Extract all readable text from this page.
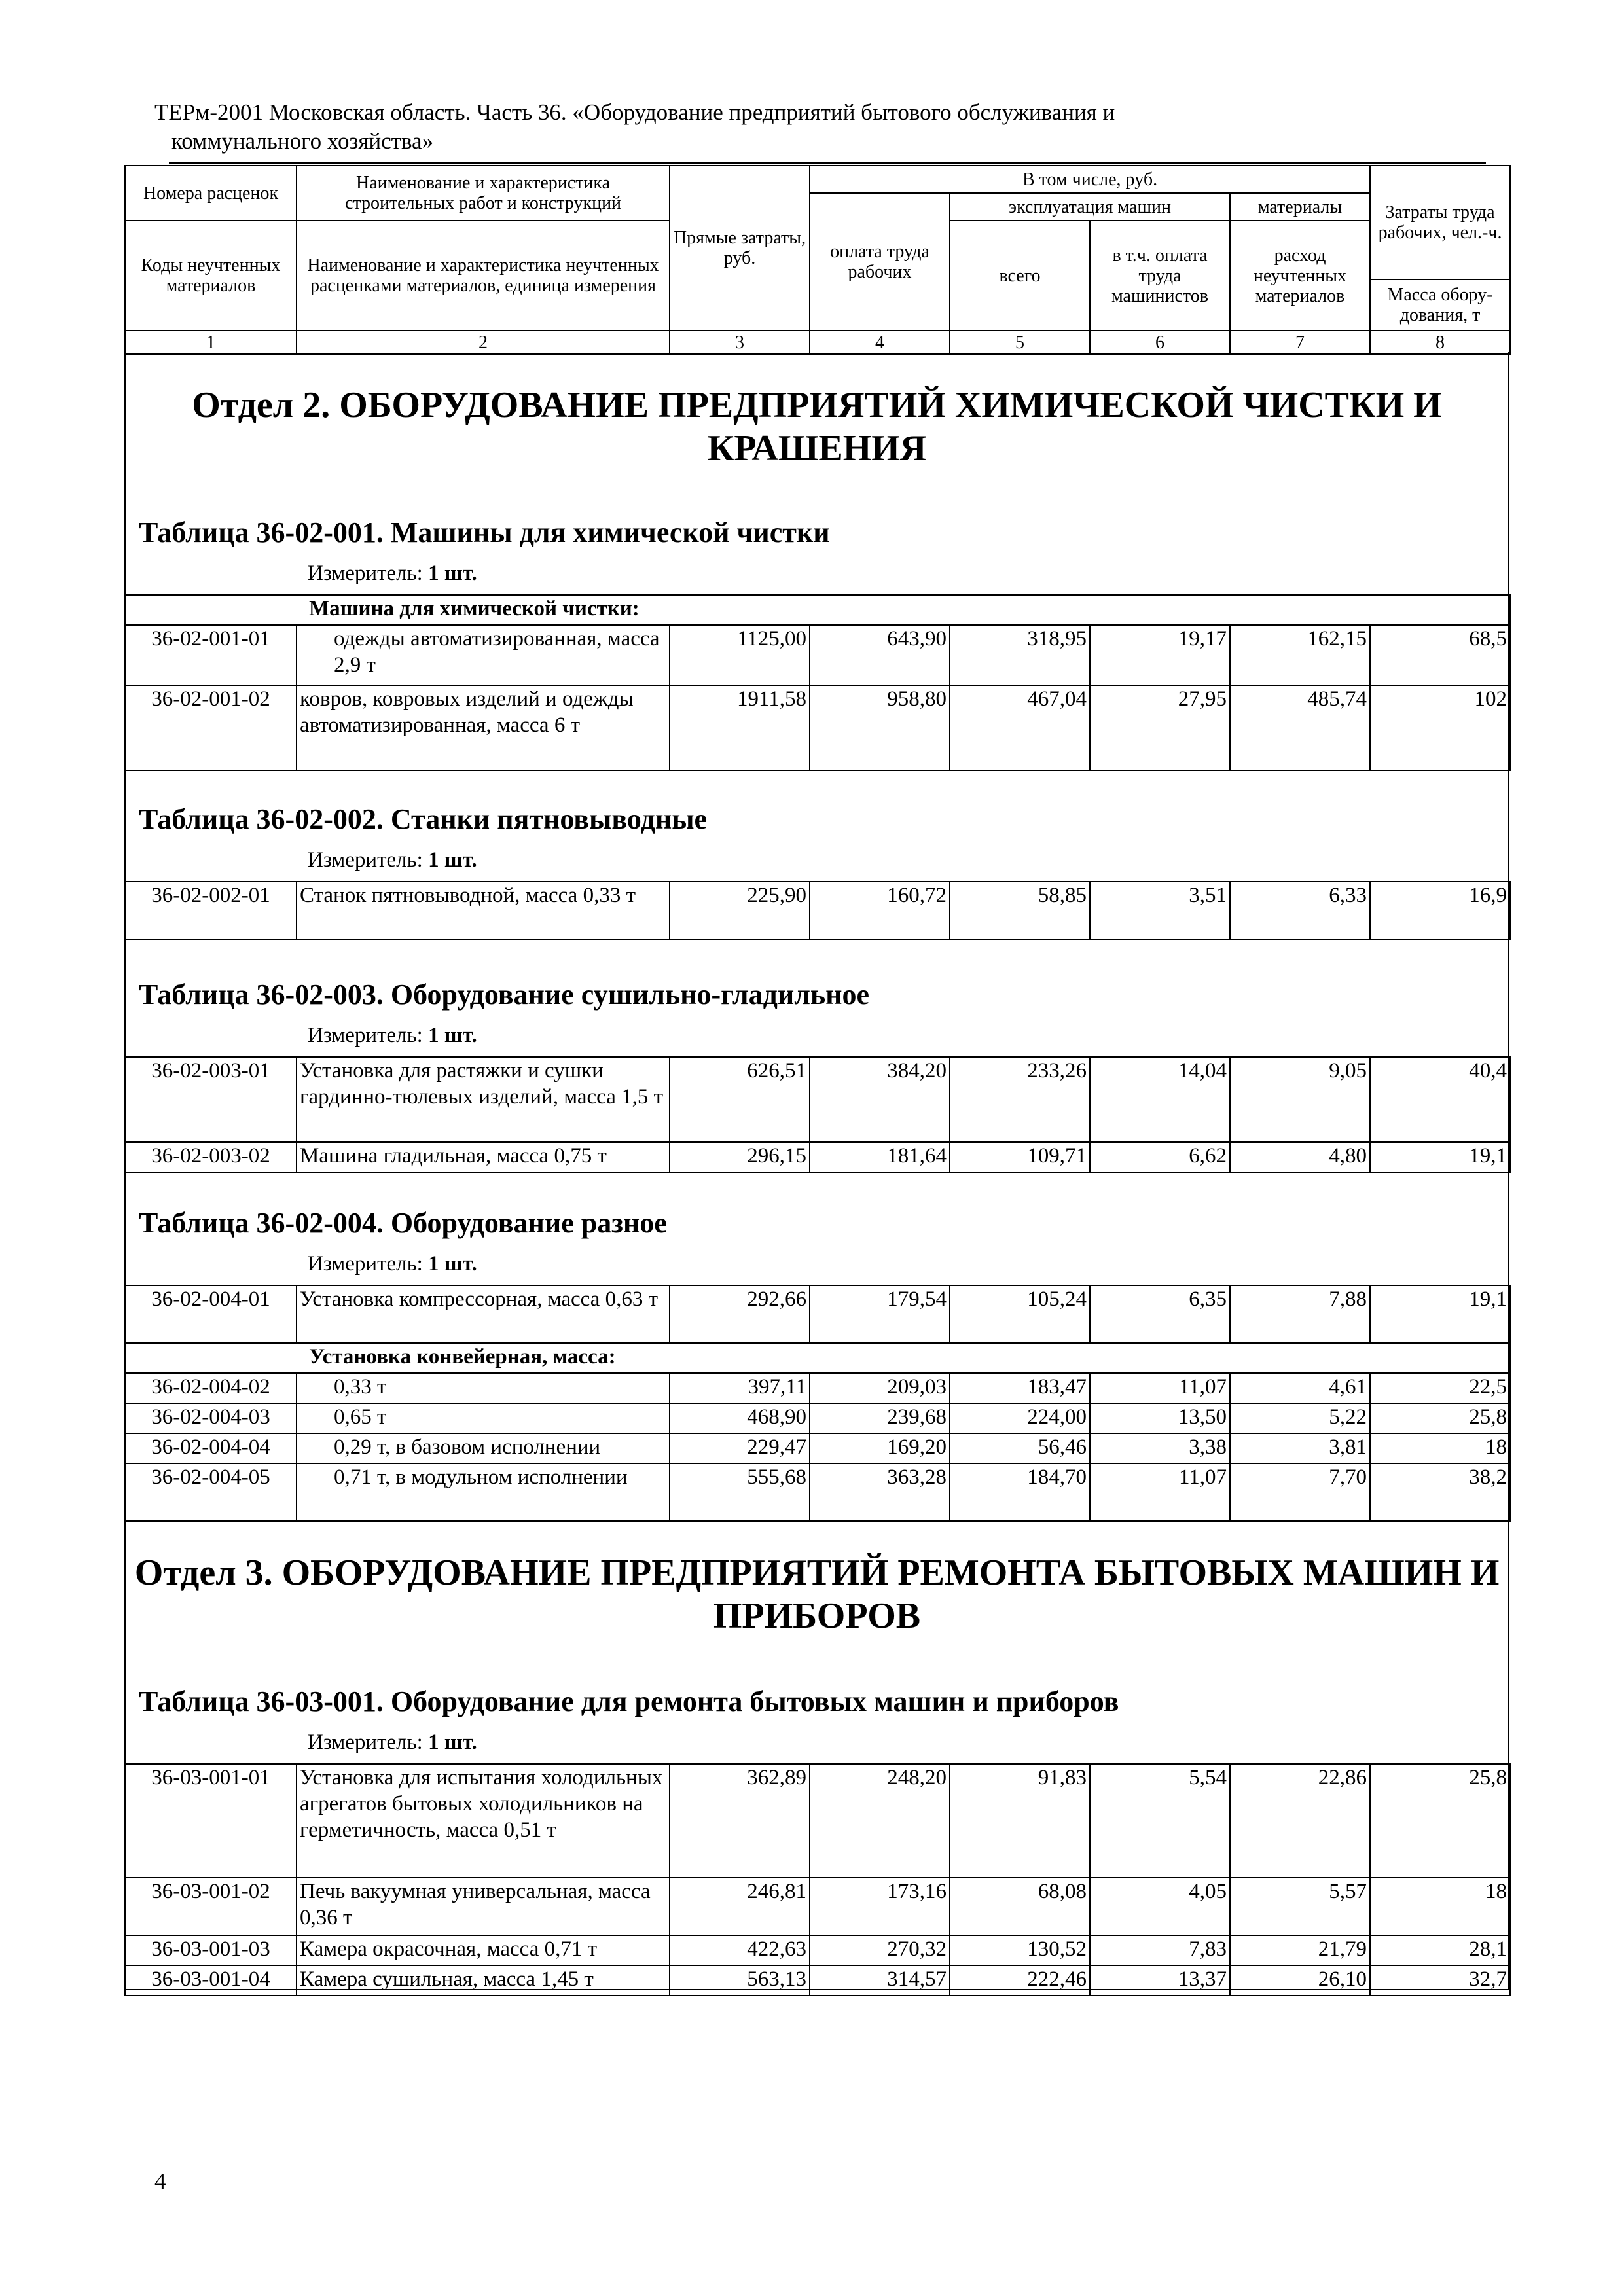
ТЕРм-2001 Московская область. Часть 36. «Оборудование предприятий бытового обслуживания и
коммунального хозяйства»
Номера расценок	Наименование и характеристика строительных работ и конструкций	Прямые затраты, руб.	В том числе, руб.				Затраты труда рабочих, чел.-ч.
			оплата труда рабочих	эксплуатация машин		материалы	
Коды неучтенных материалов	Наименование и характеристика неучтенных расценками материалов, единица измерения			всего	в т.ч. оплата труда машинистов	расход неучтенных материалов	

							Масса обору-дования, т
1	2	3	4	5	6	7	8
Отдел 2. ОБОРУДОВАНИЕ ПРЕДПРИЯТИЙ ХИМИЧЕСКОЙ ЧИСТКИ И КРАШЕНИЯ
Таблица 36-02-001. Машины для химической чистки
Измеритель: 1 шт.
Машина для химической чистки:							
36-02-001-01	одежды автоматизированная, масса 2,9 т	1125,00	643,90	318,95	19,17	162,15	68,5
36-02-001-02	ковров, ковровых изделий и одежды автоматизированная, масса 6 т	1911,58	958,80	467,04	27,95	485,74	102
36-02-002-01	Станок пятновыводной, масса 0,33 т	225,90	160,72	58,85	3,51	6,33	16,9
36-02-003-01	Установка для растяжки и сушки гардинно-тюлевых изделий, масса 1,5 т	626,51	384,20	233,26	14,04	9,05	40,4
36-02-003-02	Машина гладильная, масса 0,75 т	296,15	181,64	109,71	6,62	4,80	19,1
36-02-004-01	Установка компрессорная, масса 0,63 т	292,66	179,54	105,24	6,35	7,88	19,1
Установка конвейерная, масса:							
36-02-004-02	0,33 т	397,11	209,03	183,47	11,07	4,61	22,5
36-02-004-03	0,65 т	468,90	239,68	224,00	13,50	5,22	25,8
36-02-004-04	0,29 т, в базовом исполнении	229,47	169,20	56,46	3,38	3,81	18
36-02-004-05	0,71 т, в модульном исполнении	555,68	363,28	184,70	11,07	7,70	38,2
36-03-001-01	Установка для испытания холодильных агрегатов бытовых холодильников на герметичность, масса 0,51 т	362,89	248,20	91,83	5,54	22,86	25,8
36-03-001-02	Печь вакуумная универсальная, масса 0,36 т	246,81	173,16	68,08	4,05	5,57	18
36-03-001-03	Камера окрасочная, масса 0,71 т	422,63	270,32	130,52	7,83	21,79	28,1
36-03-001-04	Камера сушильная, масса 1,45 т	563,13	314,57	222,46	13,37	26,10	32,7
Отдел 3. ОБОРУДОВАНИЕ ПРЕДПРИЯТИЙ РЕМОНТА БЫТОВЫХ МАШИН И ПРИБОРОВ
4
Таблица 36-02-002. Станки пятновыводные
Измеритель: 1 шт.
Таблица 36-02-003. Оборудование сушильно-гладильное
Измеритель: 1 шт.
Таблица 36-02-004. Оборудование разное
Измеритель: 1 шт.
Таблица 36-03-001. Оборудование для ремонта бытовых машин и приборов
Измеритель: 1 шт.
